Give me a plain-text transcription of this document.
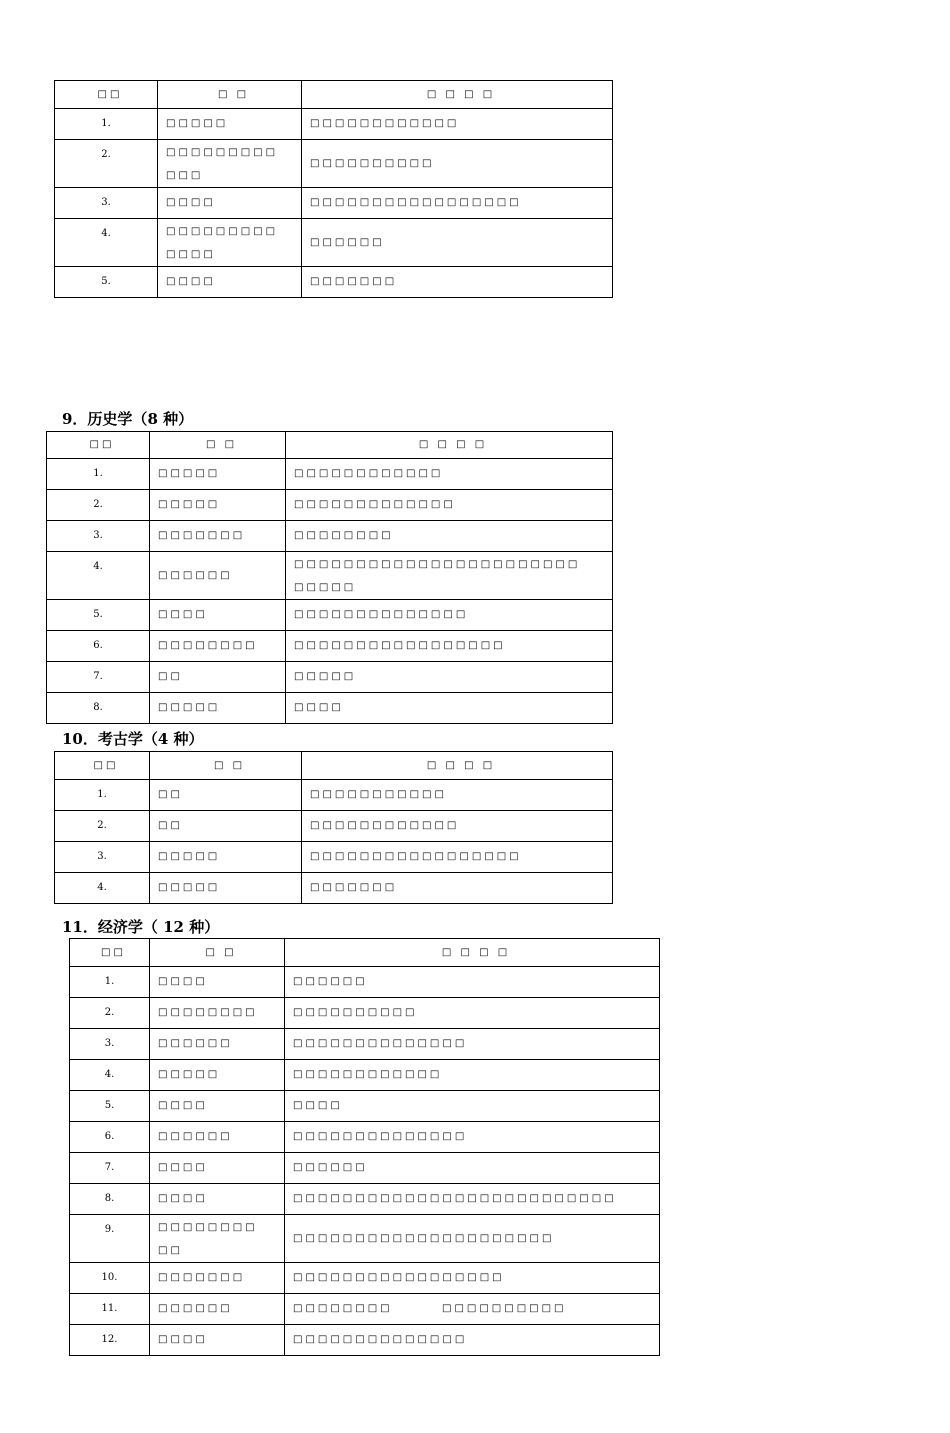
□□	□ □	□ □ □ □
1.	□□□□□	□□□□□□□□□□□□
2.	□□□□□□□□□ □□□	□□□□□□□□□□
3.	□□□□	□□□□□□□□□□□□□□□□□
4.	□□□□□□□□□ □□□□	□□□□□□
5.	□□□□	□□□□□□□
9．历史学（8 种）
□□	□ □	□ □ □ □
1.	□□□□□	□□□□□□□□□□□□
2.	□□□□□	□□□□□□□□□□□□□
3.	□□□□□□□	□□□□□□□□
4.	□□□□□□	□□□□□□□□□□□□□□□□□□□□□□□ □□□□□
5.	□□□□	□□□□□□□□□□□□□□
6.	□□□□□□□□	□□□□□□□□□□□□□□□□□
7.	□□	□□□□□
8.	□□□□□	□□□□
10．考古学（4 种）
□□	□ □	□ □ □ □
1.	□□	□□□□□□□□□□□
2.	□□	□□□□□□□□□□□□
3.	□□□□□	□□□□□□□□□□□□□□□□□
4.	□□□□□	□□□□□□□
11．经济学（ 12 种）
□□	□ □	□ □ □ □
1.	□□□□	□□□□□□
2.	□□□□□□□□	□□□□□□□□□□
3.	□□□□□□	□□□□□□□□□□□□□□
4.	□□□□□	□□□□□□□□□□□□
5.	□□□□	□□□□
6.	□□□□□□	□□□□□□□□□□□□□□
7.	□□□□	□□□□□□
8.	□□□□	□□□□□□□□□□□□□□□□□□□□□□□□□□
9.	□□□□□□□□ □□	□□□□□□□□□□□□□□□□□□□□□
10.	□□□□□□□	□□□□□□□□□□□□□□□□□
11.	□□□□□□	□□□□□□□□        □□□□□□□□□□
12.	□□□□	□□□□□□□□□□□□□□
